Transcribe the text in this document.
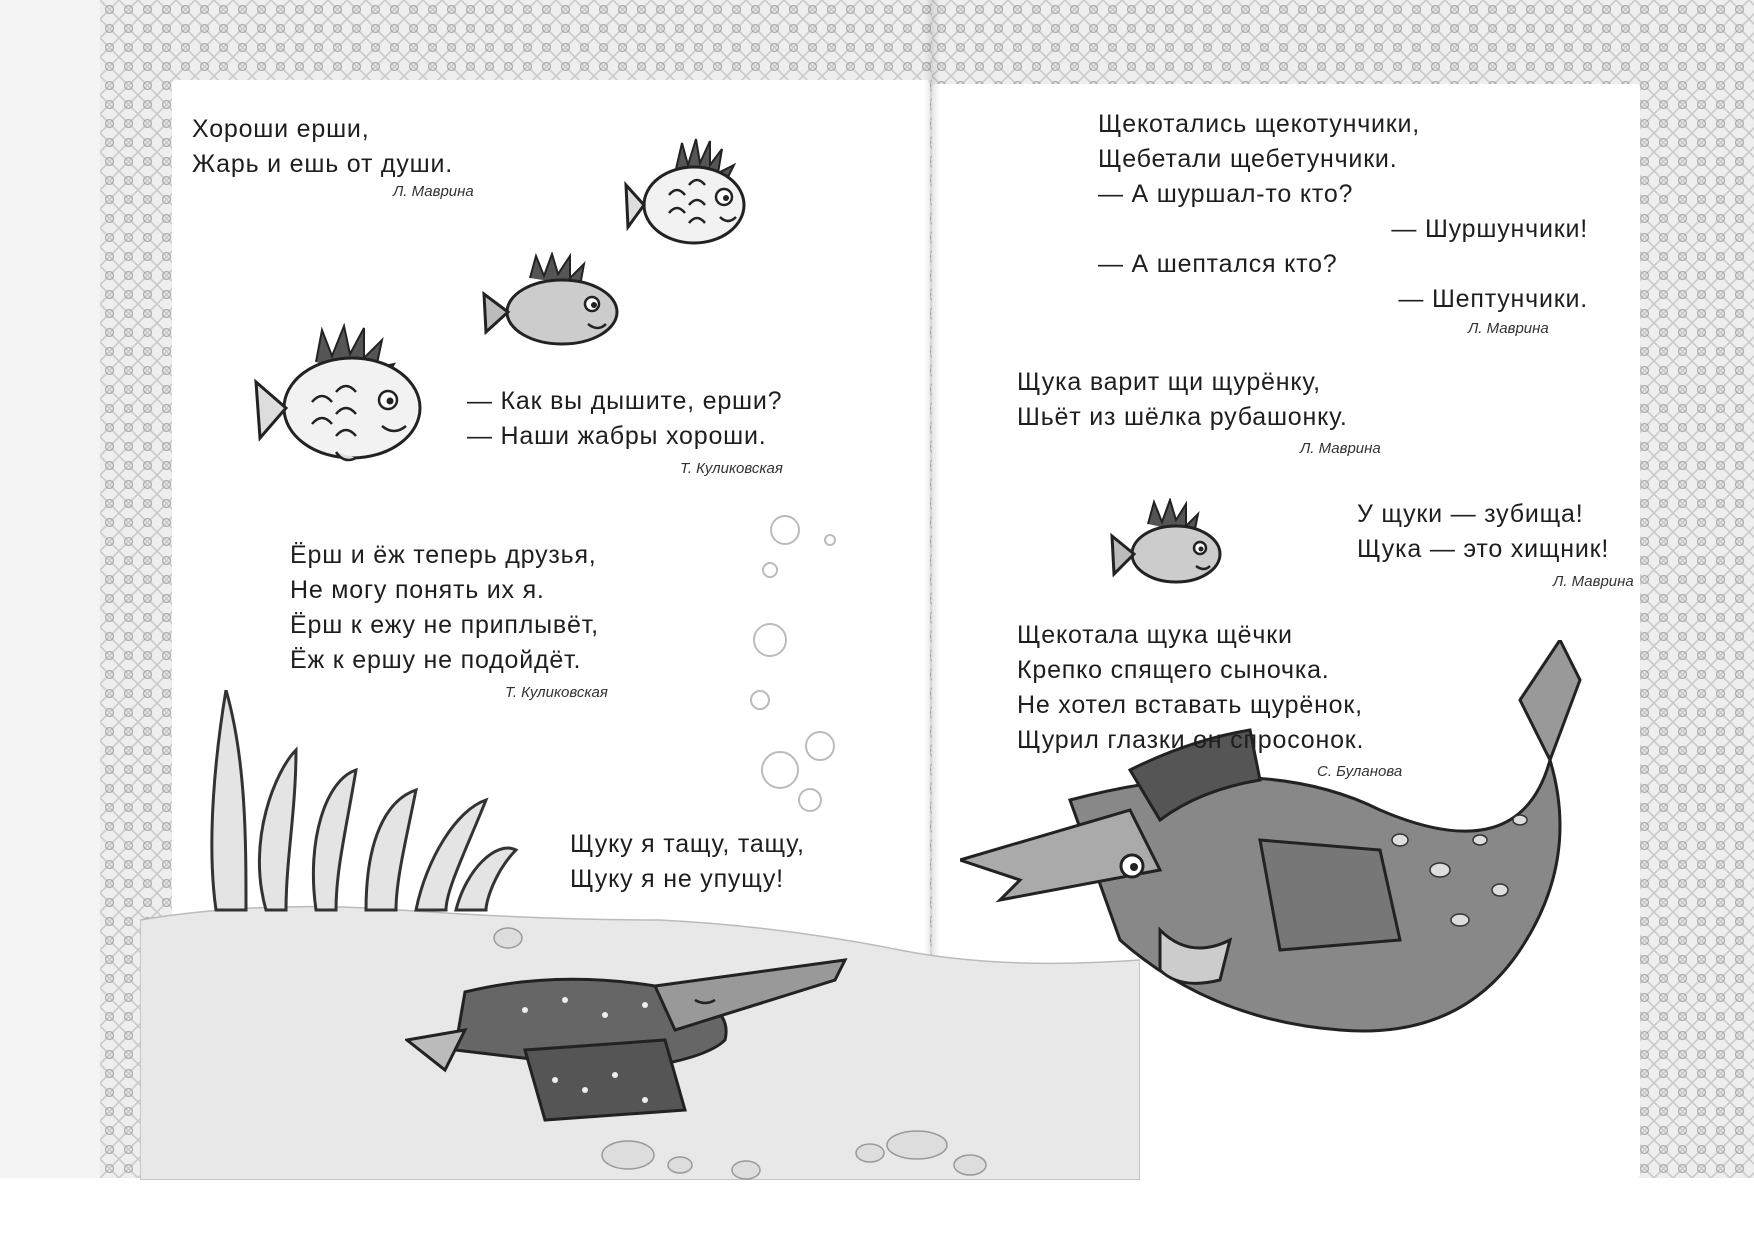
Хороши ерши,
Жарь и ешь от души.
Л. Маврина
— Как вы дышите, ерши?
— Наши жабры хороши.
Т. Куликовская
Ёрш и ёж теперь друзья,
Не могу понять их я.
Ёрш к ежу не приплывёт,
Ёж к ершу не подойдёт.
Т. Куликовская
Щуку я тащу, тащу,
Щуку я не упущу!
Щекотались щекотунчики,
Щебетали щебетунчики.
— А шуршал-то кто?
— Шуршунчики!
— А шептался кто?
— Шептунчики.
Л. Маврина
Щука варит щи щурёнку,
Шьёт из шёлка рубашонку.
Л. Маврина
У щуки — зубища!
Щука — это хищник!
Л. Маврина
Щекотала щука щёчки
Крепко спящего сыночка.
Не хотел вставать щурёнок,
Щурил глазки он спросонок.
С. Буланова
